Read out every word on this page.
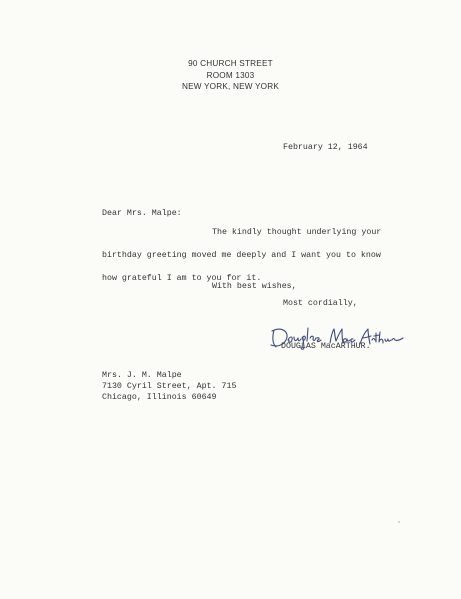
90 CHURCH STREET
ROOM 1303
NEW YORK, NEW YORK
February 12, 1964
Dear Mrs. Malpe:
The kindly thought underlying your
birthday greeting moved me deeply and I want you to know
how grateful I am to you for it.
With best wishes,
Most cordially,
DOUGLAS MacARTHUR.
Mrs. J. M. Malpe
7130 Cyril Street, Apt. 715
Chicago, Illinois 60649
